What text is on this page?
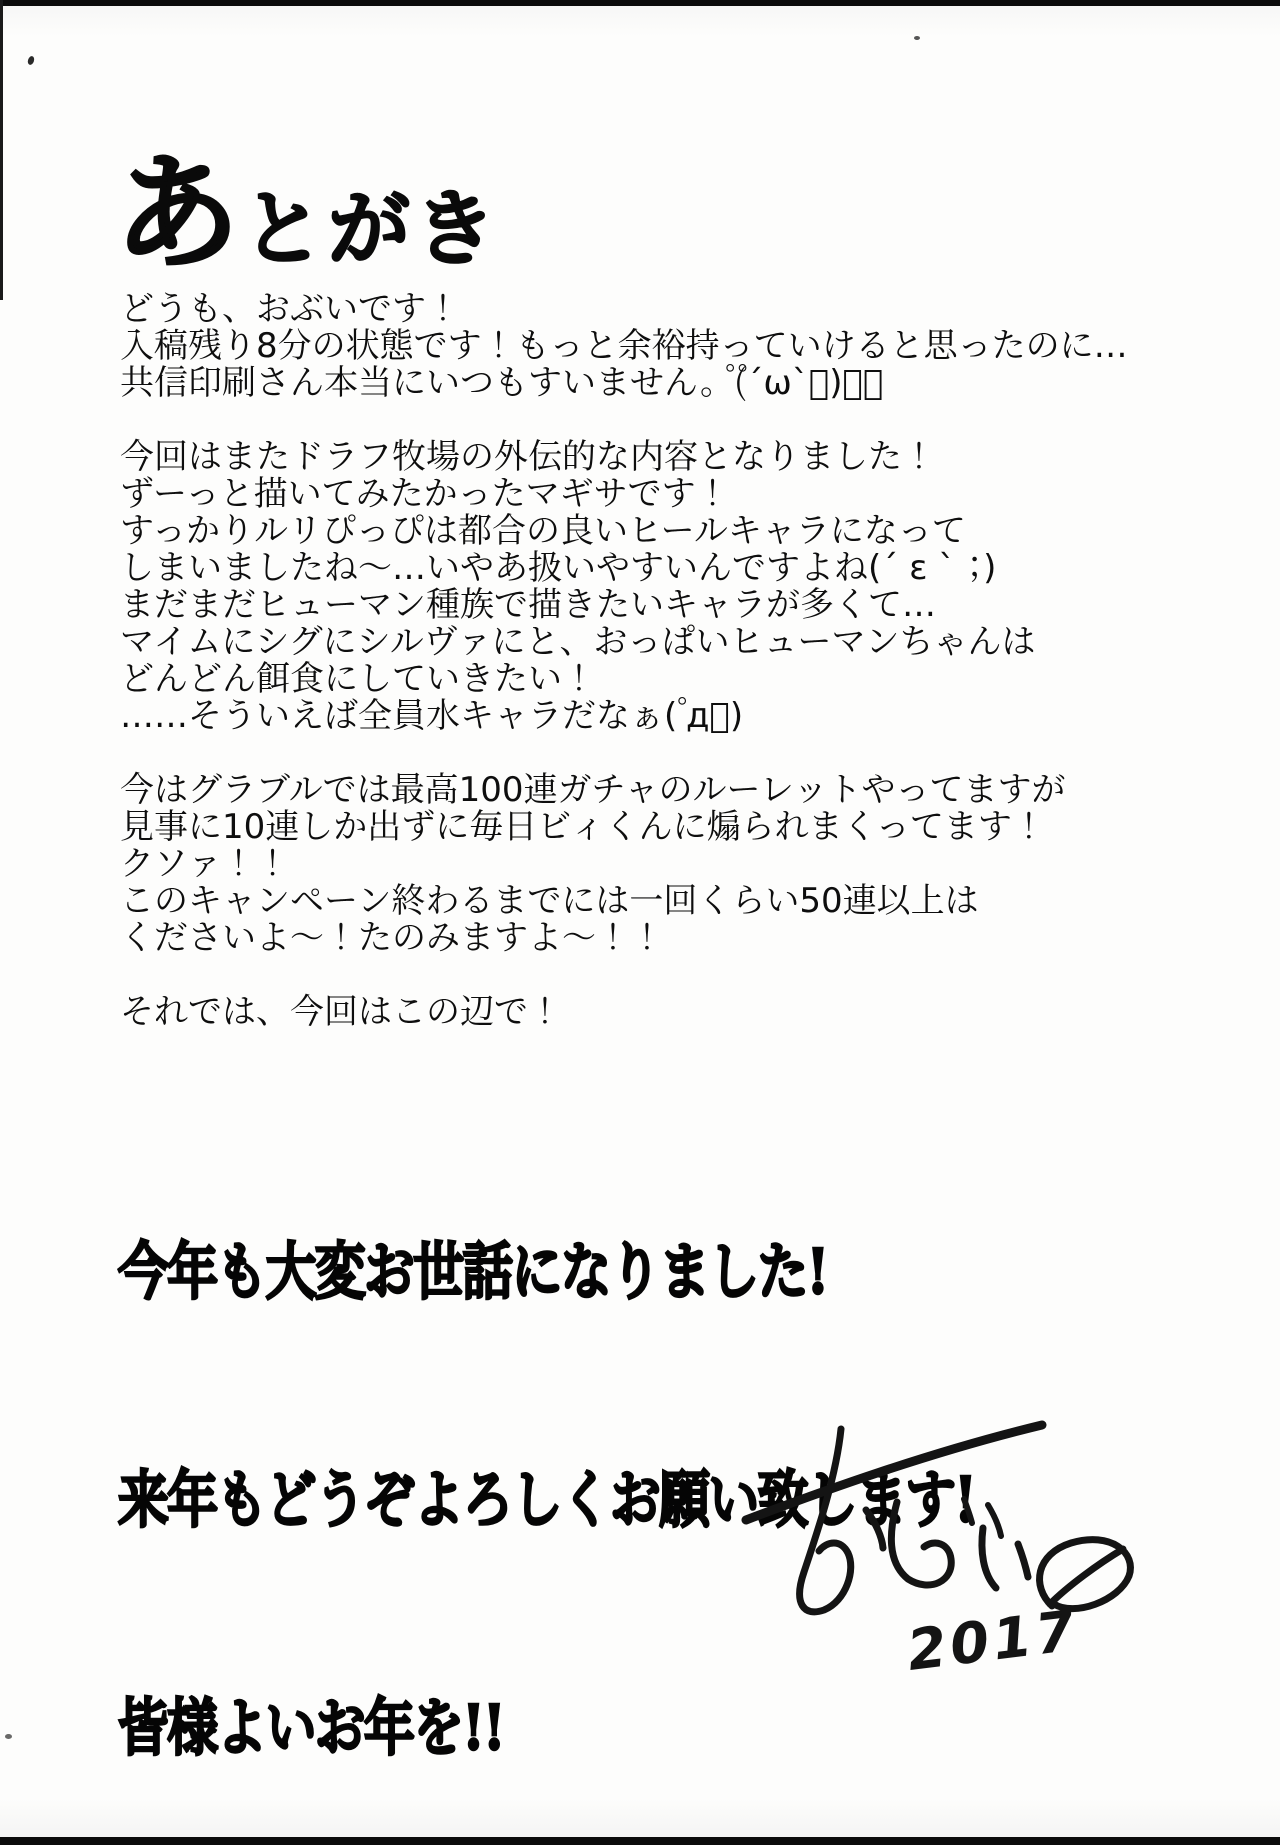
あとがき
どうも、おぶいです！
入稿残り8分の状態です！もっと余裕持っていけると思ったのに…
共信印刷さん本当にいつもすいません。゚(゚´ω`゚)゚。
今回はまたドラフ牧場の外伝的な内容となりました！
ずーっと描いてみたかったマギサです！
すっかりルリぴっぴは都合の良いヒールキャラになって
しまいましたね～…いやあ扱いやすいんですよね(´ ε ` ；)
まだまだヒューマン種族で描きたいキャラが多くて…
マイムにシグにシルヴァにと、おっぱいヒューマンちゃんは
どんどん餌食にしていきたい！
……そういえば全員水キャラだなぁ( ゚д゚)
今はグラブルでは最高100連ガチャのルーレットやってますが
見事に10連しか出ずに毎日ビィくんに煽られまくってます！
クソァ！！
このキャンペーン終わるまでには一回くらい50連以上は
くださいよ～！たのみますよ～！！
それでは、今回はこの辺で！

今年も大変お世話になりました!

来年もどうぞよろしくお願い致します!

皆様よいお年を!!

2017
